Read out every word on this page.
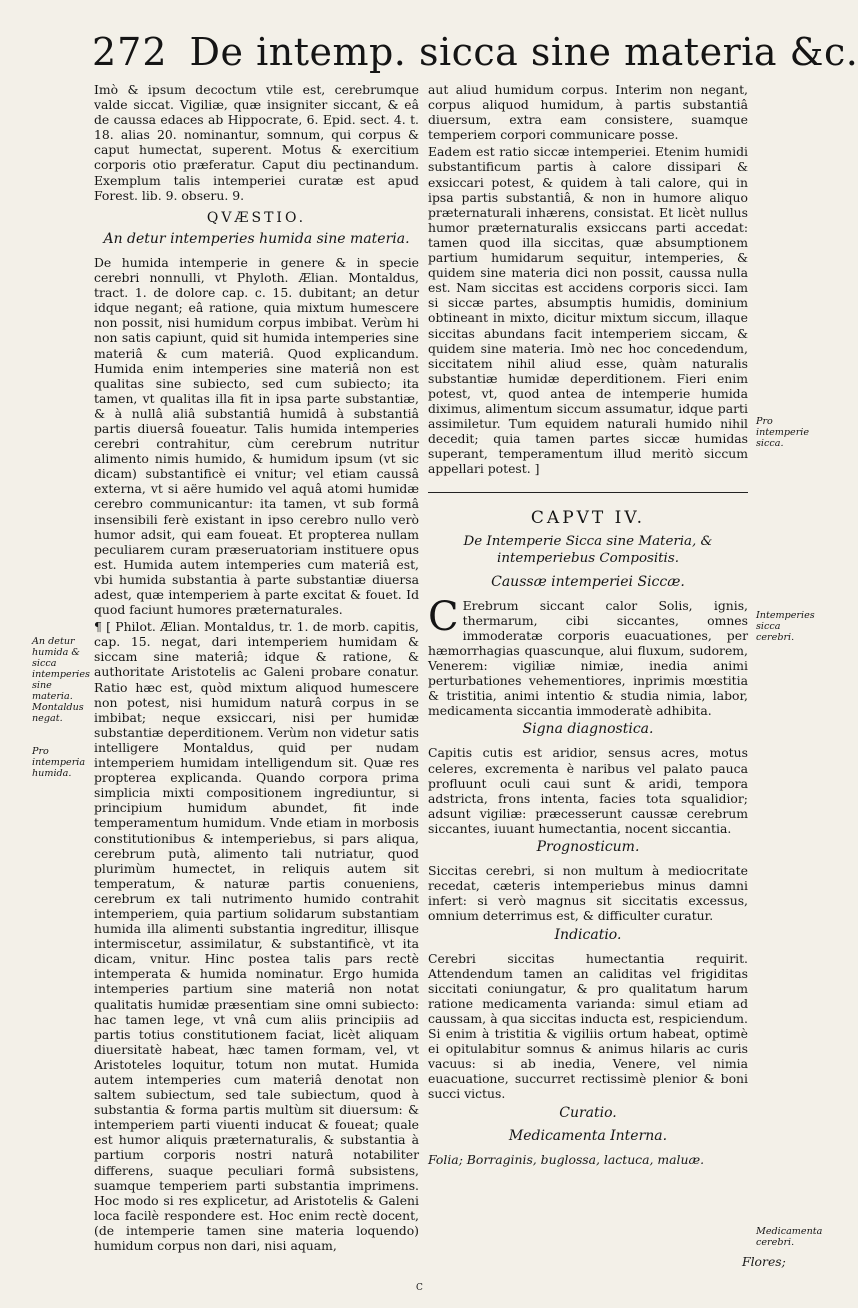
272 De intemp. sicca sine materia &c.

Imò & ipsum decoctum vtile est, cerebrumque valde siccat. Vigiliæ, quæ insigniter siccant, & eâ de caussa edaces ab Hippocrate, 6. Epid. sect. 4. t. 18. alias 20. nominantur, somnum, qui corpus & caput humectat, superent. Motus & exercitium corporis otio præferatur. Caput diu pectinandum. Exemplum talis intemperiei curatæ est apud Forest. lib. 9. obseru. 9.

QVÆSTIO.
An detur intemperies humida sine materia.

De humida intemperie in genere & in specie cerebri nonnulli, vt Phyloth. Ælian. Montaldus, tract. 1. de dolore cap. c. 15. dubitant; an detur idque negant; eâ ratione, quia mixtum humescere non possit, nisi humidum corpus imbibat. Verùm hi non satis capiunt, quid sit humida intemperies sine materiâ & cum materiâ. Quod explicandum. Humida enim intemperies sine materiâ non est qualitas sine subiecto, sed cum subiecto; ita tamen, vt qualitas illa fit in ipsa parte substantiæ, & à nullâ aliâ substantiâ humidâ à substantiâ partis diuersâ foueatur. Talis humida intemperies cerebri contrahitur, cùm cerebrum nutritur alimento nimis humido, & humidum ipsum (vt sic dicam) substantificè ei vnitur; vel etiam caussâ externa, vt si aëre humido vel aquâ atomi humidæ cerebro communicantur: ita tamen, vt sub formâ insensibili ferè existant in ipso cerebro nullo verò humor adsit, qui eam foueat. Et propterea nullam peculiarem curam præseruatoriam instituere opus est. Humida autem intemperies cum materiâ est, vbi humida substantia à parte substantiæ diuersa adest, quæ intemperiem à parte excitat & fouet. Id quod faciunt humores præternaturales.

¶ [ Philot. Ælian. Montaldus, tr. 1. de morb. capitis, cap. 15. negat, dari intemperiem humidam & siccam sine materiâ; idque & ratione, & authoritate Aristotelis ac Galeni probare conatur. Ratio hæc est, quòd mixtum aliquod humescere non potest, nisi humidum naturâ corpus in se imbibat; neque exsiccari, nisi per humidæ substantiæ deperditionem. Verùm non videtur satis intelligere Montaldus, quid per nudam intemperiem humidam intelligendum sit. Quæ res propterea explicanda. Quando corpora prima simplicia mixti compositionem ingrediuntur, si principium humidum abundet, fit inde temperamentum humidum. Vnde etiam in morbosis constitutionibus & intemperiebus, si pars aliqua, cerebrum putà, alimento tali nutriatur, quod plurimùm humectet, in reliquis autem sit temperatum, & naturæ partis conueniens, cerebrum ex tali nutrimento humido contrahit intemperiem, quia partium solidarum substantiam humida illa alimenti substantia ingreditur, illisque intermiscetur, assimilatur, & substantificè, vt ita dicam, vnitur. Hinc postea talis pars rectè intemperata & humida nominatur. Ergo humida intemperies partium sine materiâ non notat qualitatis humidæ præsentiam sine omni subiecto: hac tamen lege, vt vnâ cum aliis principiis ad partis totius constitutionem faciat, licèt aliquam diuersitatè habeat, hæc tamen formam, vel, vt Aristoteles loquitur, totum non mutat. Humida autem intemperies cum materiâ denotat non saltem subiectum, sed tale subiectum, quod à substantia & forma partis multùm sit diuersum: & intemperiem parti viuenti inducat & foueat; quale est humor aliquis præternaturalis, & substantia à partium corporis nostri naturâ notabiliter differens, suaque peculiari formâ subsistens, suamque temperiem parti substantia imprimens. Hoc modo si res explicetur, ad Aristotelis & Galeni loca facilè respondere est. Hoc enim rectè docent, (de intemperie tamen sine materia loquendo) humidum corpus non dari, nisi aquam,

aut aliud humidum corpus. Interim non negant, corpus aliquod humidum, à partis substantiâ diuersum, extra eam consistere, suamque temperiem corpori communicare posse.

Eadem est ratio siccæ intemperiei. Etenim humidi substantificum partis à calore dissipari & exsiccari potest, & quidem à tali calore, qui in ipsa partis substantiâ, & non in humore aliquo præternaturali inhærens, consistat. Et licèt nullus humor præternaturalis exsiccans parti accedat: tamen quod illa siccitas, quæ absumptionem partium humidarum sequitur, intemperies, & quidem sine materia dici non possit, caussa nulla est. Nam siccitas est accidens corporis sicci. Iam si siccæ partes, absumptis humidis, dominium obtineant in mixto, dicitur mixtum siccum, illaque siccitas abundans facit intemperiem siccam, & quidem sine materia. Imò nec hoc concedendum, siccitatem nihil aliud esse, quàm naturalis substantiæ humidæ deperditionem. Fieri enim potest, vt, quod antea de intemperie humida diximus, alimentum siccum assumatur, idque parti assimiletur. Tum equidem naturali humido nihil decedit; quia tamen partes siccæ humidas superant, temperamentum illud meritò siccum appellari potest. ]

CAPVT IV.
De Intemperie Sicca sine Materia, & intemperiebus Compositis.
Caussæ intemperiei Siccæ.

C Erebrum siccant calor Solis, ignis, thermarum, cibi siccantes, omnes immoderatæ corporis euacuationes, per hæmorrhagias quascunque, alui fluxum, sudorem, Venerem: vigiliæ nimiæ, inedia animi perturbationes vehementiores, inprimis mœstitia & tristitia, animi intentio & studia nimia, labor, medicamenta siccantia immoderatè adhibita.

Signa diagnostica.

Capitis cutis est aridior, sensus acres, motus celeres, excrementa è naribus vel palato pauca profluunt oculi caui sunt & aridi, tempora adstricta, frons intenta, facies tota squalidior; adsunt vigiliæ: præcesserunt caussæ cerebrum siccantes, iuuant humectantia, nocent siccantia.

Prognosticum.

Siccitas cerebri, si non multum à mediocritate recedat, cæteris intemperiebus minus damni infert: si verò magnus sit siccitatis excessus, omnium deterrimus est, & difficulter curatur.

Indicatio.

Cerebri siccitas humectantia requirit. Attendendum tamen an caliditas vel frigiditas siccitati coniungatur, & pro qualitatum harum ratione medicamenta varianda: simul etiam ad caussam, à qua siccitas inducta est, respiciendum. Si enim à tristitia & vigiliis ortum habeat, optimè ei opitulabitur somnus & animus hilaris ac curis vacuus: si ab inedia, Venere, vel nimia euacuatione, succurret rectissimè plenior & boni succi victus.

Curatio.
Medicamenta Interna.

Folia; Borraginis, buglossa, lactuca, maluæ.

An detur humida & sicca intemperies sine materia. Montaldus negat.
Pro intemperia humida.
Pro intemperie sicca.
Intemperies sicca cerebri.
Medicamenta cerebri.
Flores;
C
